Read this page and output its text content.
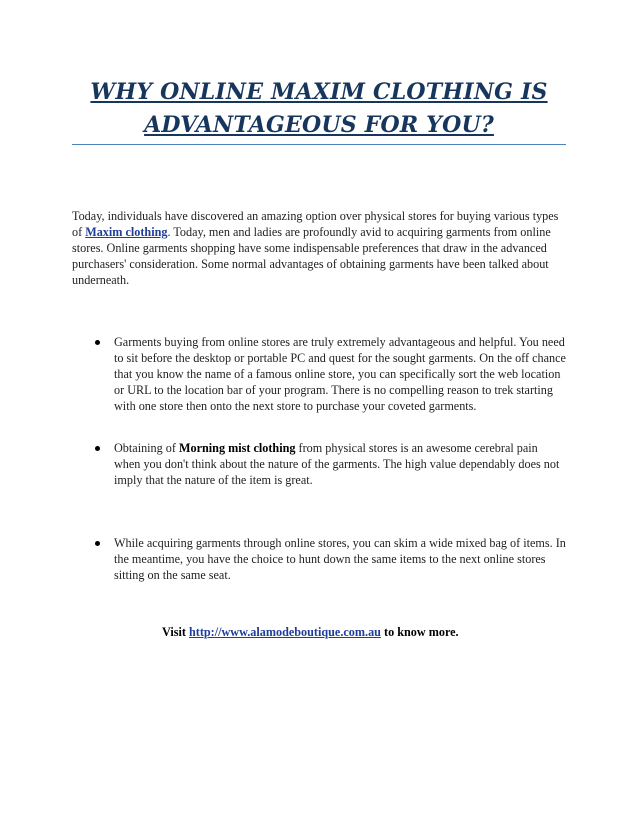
WHY ONLINE MAXIM CLOTHING IS
ADVANTAGEOUS FOR YOU?

Today, individuals have discovered an amazing option over physical stores for buying various types of Maxim clothing. Today, men and ladies are profoundly avid to acquiring garments from online stores. Online garments shopping have some indispensable preferences that draw in the advanced purchasers' consideration. Some normal advantages of obtaining garments have been talked about underneath.

Garments buying from online stores are truly extremely advantageous and helpful. You need to sit before the desktop or portable PC and quest for the sought garments. On the off chance that you know the name of a famous online store, you can specifically sort the web location or URL to the location bar of your program. There is no compelling reason to trek starting with one store then onto the next store to purchase your coveted garments.

Obtaining of Morning mist clothing from physical stores is an awesome cerebral pain when you don't think about the nature of the garments. The high value dependably does not imply that the nature of the item is great.

While acquiring garments through online stores, you can skim a wide mixed bag of items. In the meantime, you have the choice to hunt down the same items to the next online stores sitting on the same seat.

Visit http://www.alamodeboutique.com.au to know more.
